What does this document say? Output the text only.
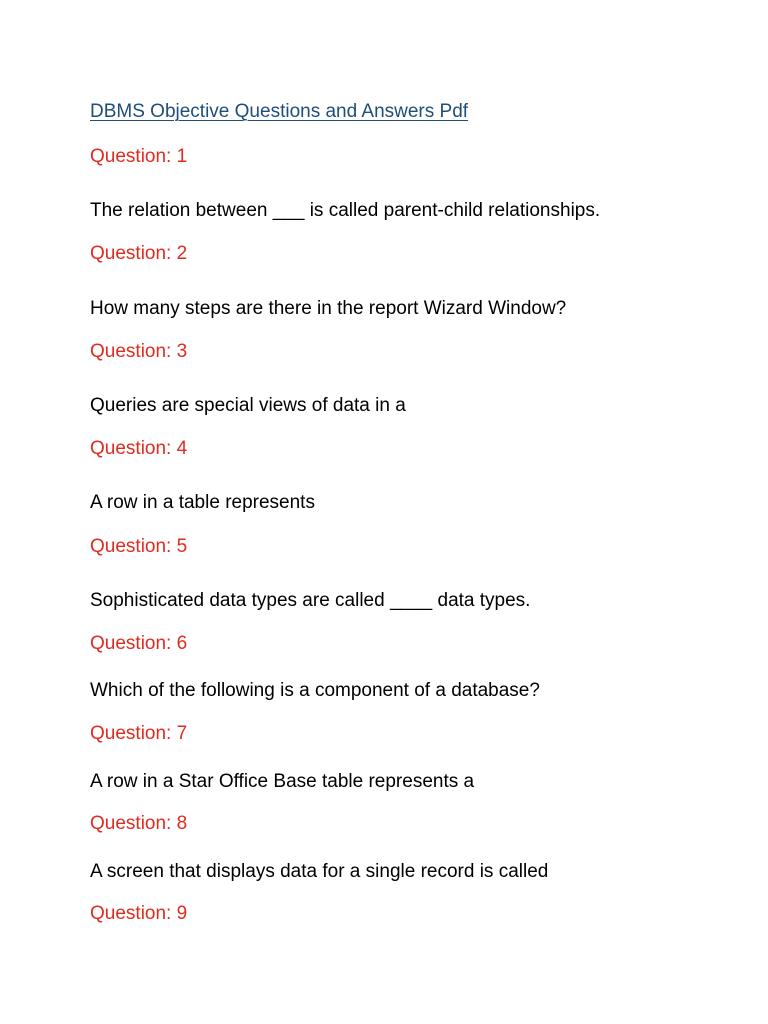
DBMS Objective Questions and Answers Pdf
Question: 1
The relation between ___ is called parent-child relationships.
Question: 2
How many steps are there in the report Wizard Window?
Question: 3
Queries are special views of data in a
Question: 4
A row in a table represents
Question: 5
Sophisticated data types are called ____ data types.
Question: 6
Which of the following is a component of a database?
Question: 7
A row in a Star Office Base table represents a
Question: 8
A screen that displays data for a single record is called
Question: 9
